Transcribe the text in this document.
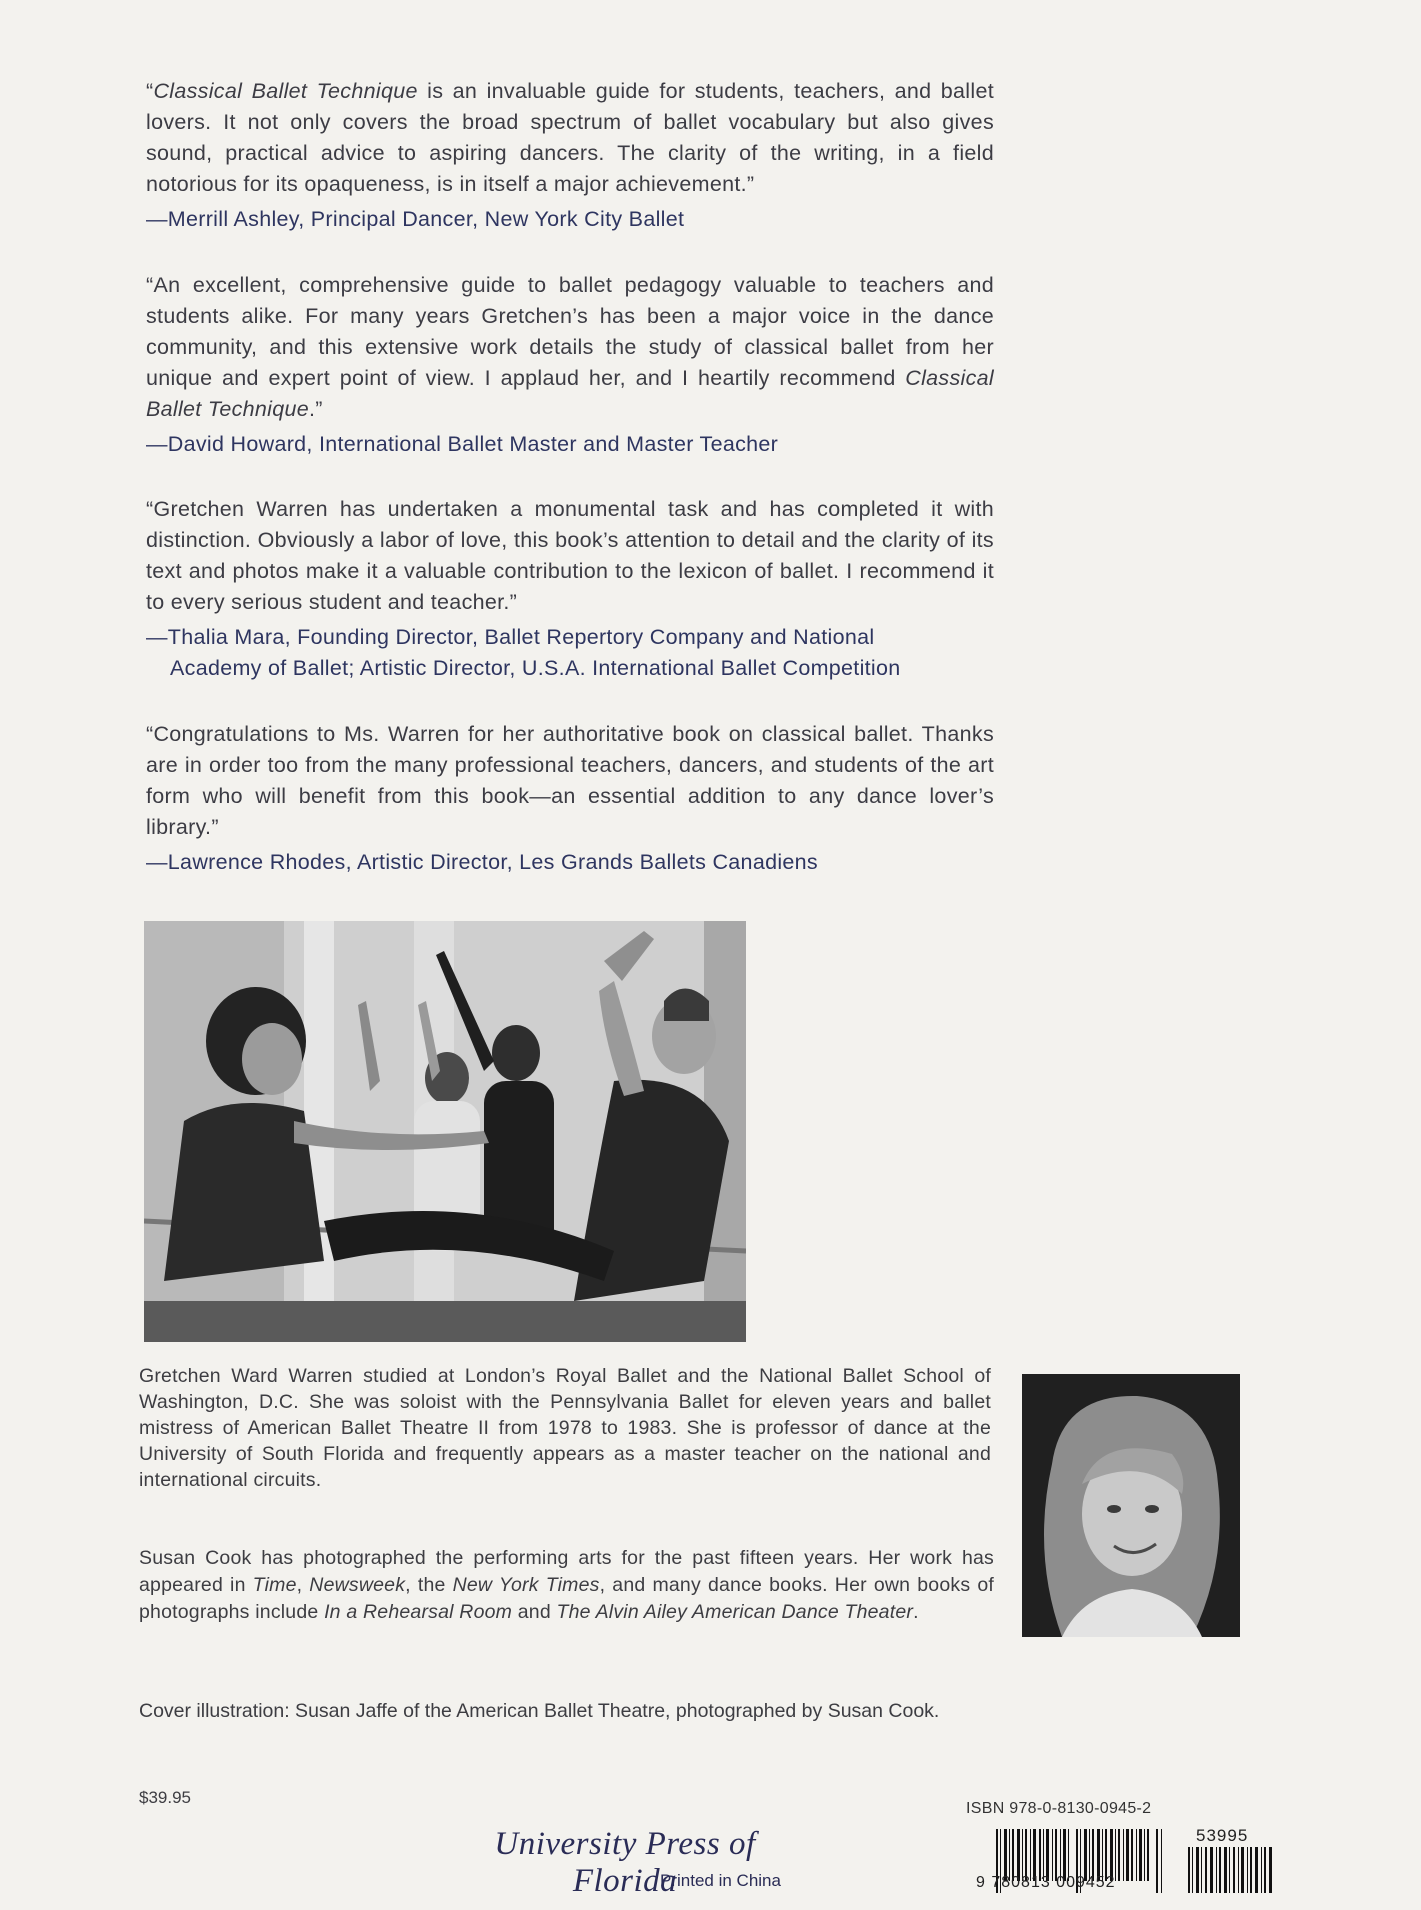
“Classical Ballet Technique is an invaluable guide for students, teachers, and ballet lovers. It not only covers the broad spectrum of ballet vocabulary but also gives sound, practical advice to aspiring dancers. The clarity of the writing, in a field notorious for its opaqueness, is in itself a major achievement.”

—Merrill Ashley, Principal Dancer, New York City Ballet

“An excellent, comprehensive guide to ballet pedagogy valuable to teachers and students alike. For many years Gretchen’s has been a major voice in the dance community, and this extensive work details the study of classical ballet from her unique and expert point of view. I applaud her, and I heartily recommend Classical Ballet Technique.”

—David Howard, International Ballet Master and Master Teacher

“Gretchen Warren has undertaken a monumental task and has completed it with distinction. Obviously a labor of love, this book’s attention to detail and the clarity of its text and photos make it a valuable contribution to the lexicon of ballet. I recommend it to every serious student and teacher.”

—Thalia Mara, Founding Director, Ballet Repertory Company and National
Academy of Ballet; Artistic Director, U.S.A. International Ballet Competition

“Congratulations to Ms. Warren for her authoritative book on classical ballet. Thanks are in order too from the many professional teachers, dancers, and students of the art form who will benefit from this book—an essential addition to any dance lover’s library.”

—Lawrence Rhodes, Artistic Director, Les Grands Ballets Canadiens

Gretchen Ward Warren studied at London’s Royal Ballet and the National Ballet School of Washington, D.C. She was soloist with the Pennsylvania Ballet for eleven years and ballet mistress of American Ballet Theatre II from 1978 to 1983. She is professor of dance at the University of South Florida and frequently appears as a master teacher on the national and international circuits.

Susan Cook has photographed the performing arts for the past fifteen years. Her work has appeared in Time, Newsweek, the New York Times, and many dance books. Her own books of photographs include In a Rehearsal Room and The Alvin Ailey American Dance Theater.

Cover illustration: Susan Jaffe of the American Ballet Theatre, photographed by Susan Cook.

$39.95
University Press of Florida
Printed in China
ISBN 978-0-8130-0945-2
9 780813 009452
53995
